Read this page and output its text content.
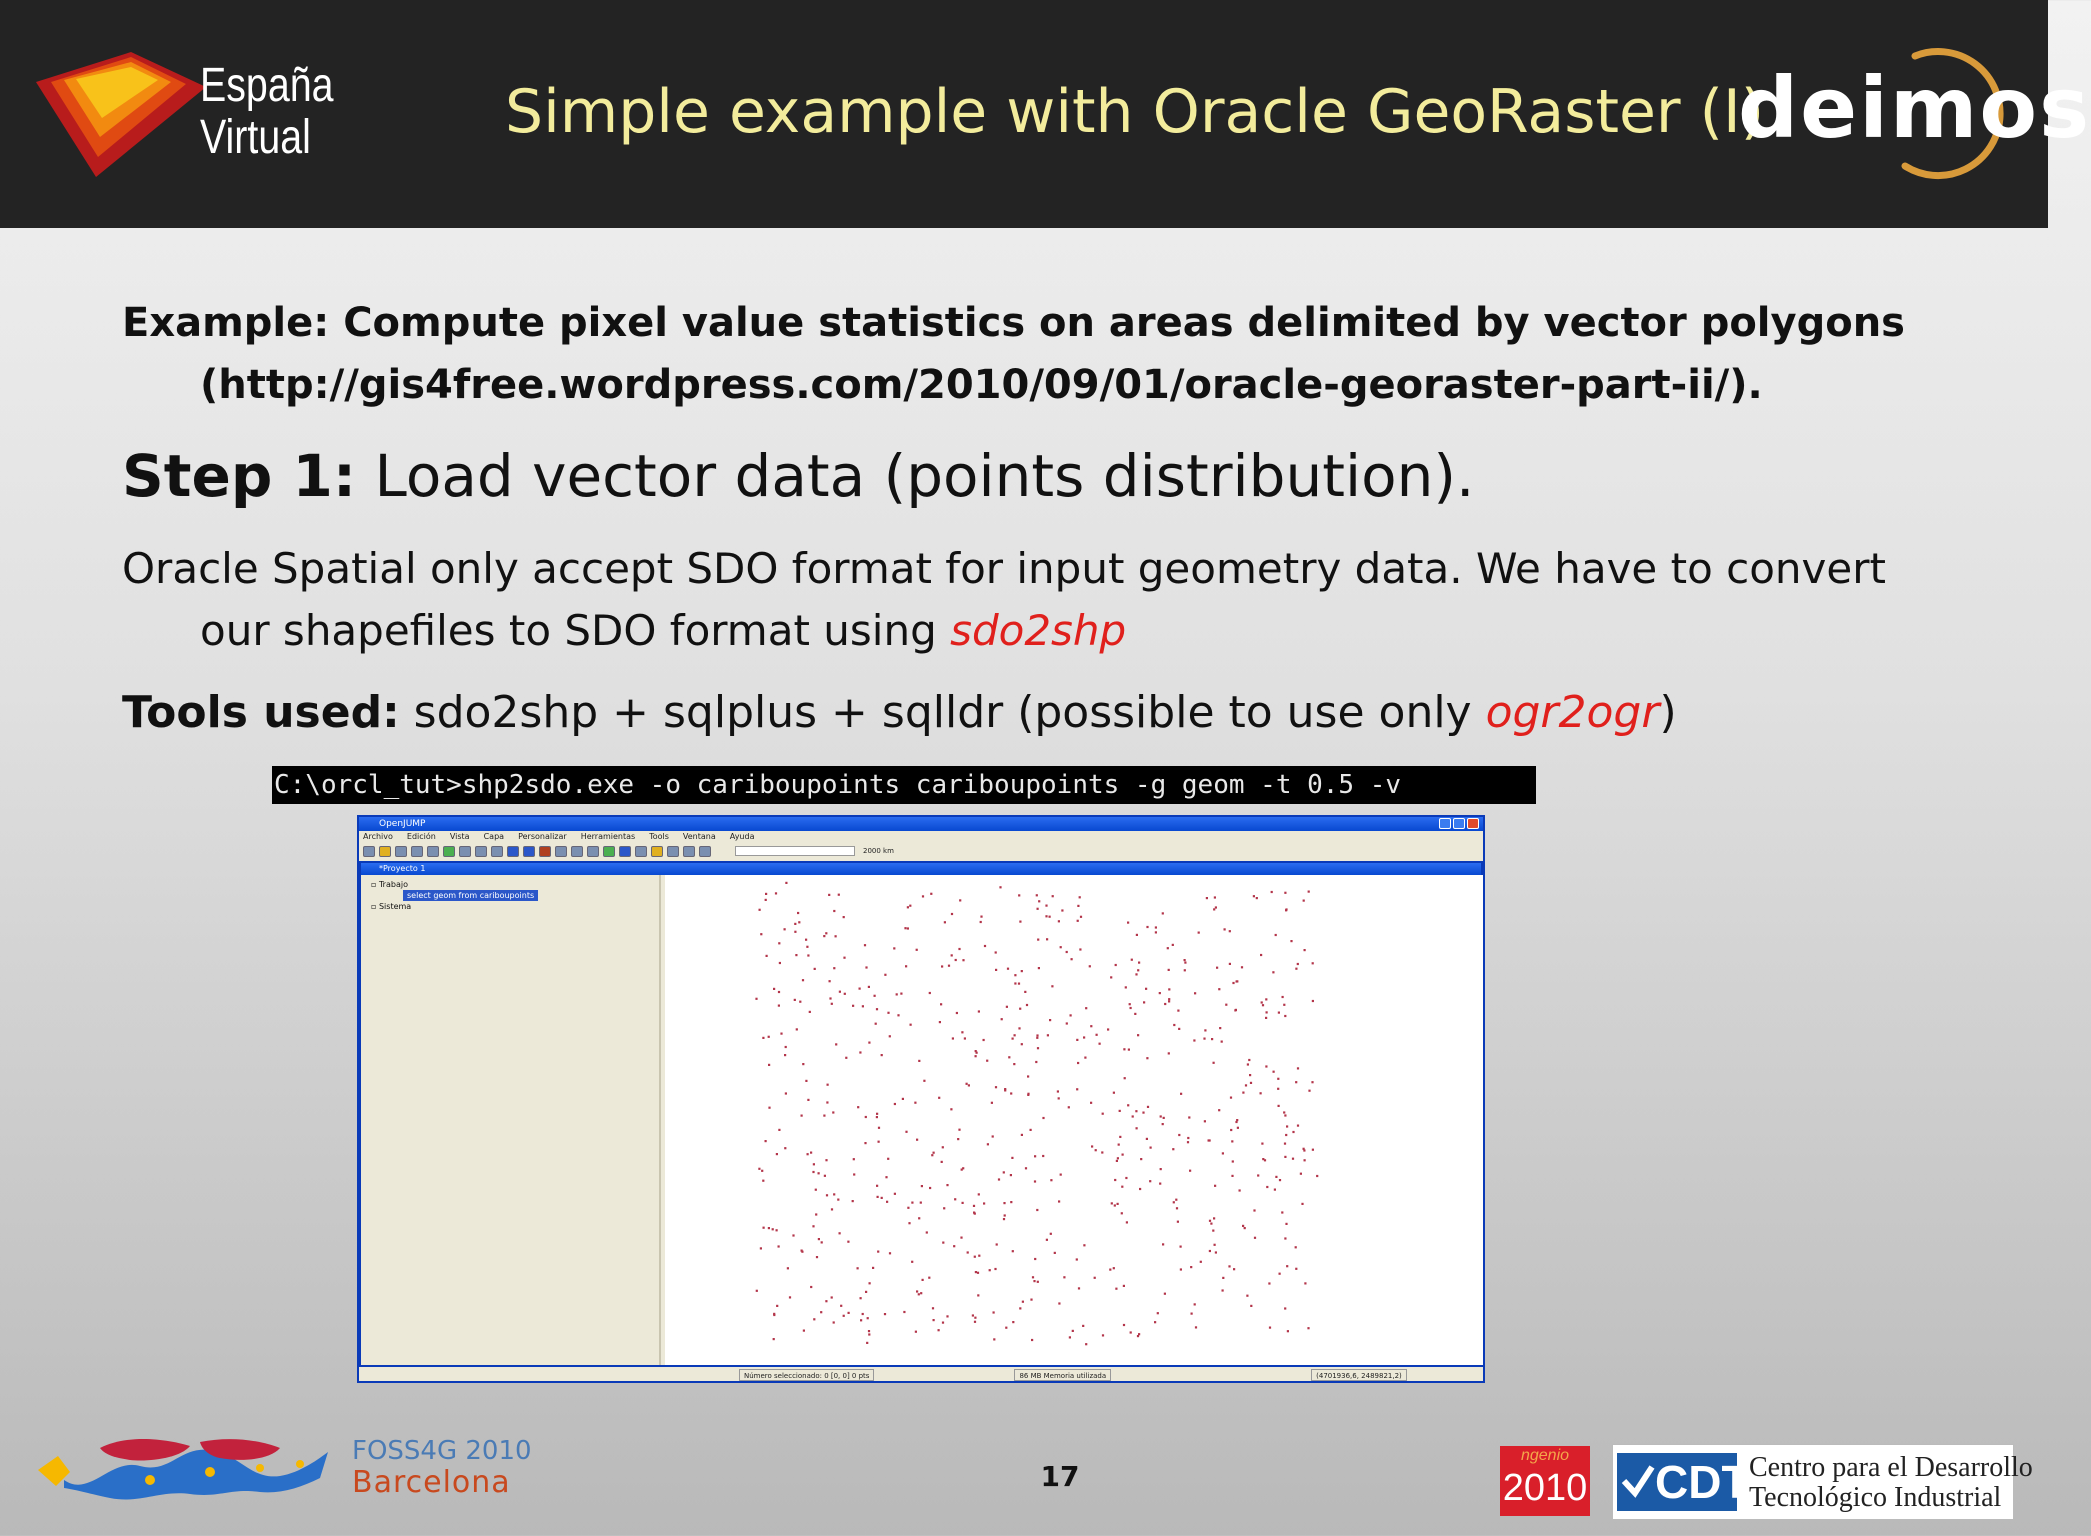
España
Virtual	Simple example with Oracle GeoRaster (I)
deimos
Example: Compute pixel value statistics on areas delimited by vector polygons
(http://gis4free.wordpress.com/2010/09/01/oracle-georaster-part-ii/).
Step 1: Load vector data (points distribution).
Oracle Spatial only accept SDO format for input geometry data. We have to convert
our shapefiles to SDO format using sdo2shp
Tools used: sdo2shp + sqlplus + sqlldr (possible to use only ogr2ogr)
C:\orcl_tut>shp2sdo.exe -o cariboupoints cariboupoints -g geom -t 0.5 -v
OpenJUMP
Archivo Edición Vista Capa Personalizar Herramientas Tools Ventana Ayuda
2000 km
*Proyecto 1
▫ Trabajo
select geom from cariboupoints
▫ Sistema
Número seleccionado: 0 [0, 0] 0 pts	86 MB Memoria utilizada	(4701936,6, 2489821,2)
FOSS4G 2010
Barcelona	17
ngenio
2010	CDTI
Centro para el Desarrollo
Tecnológico Industrial
